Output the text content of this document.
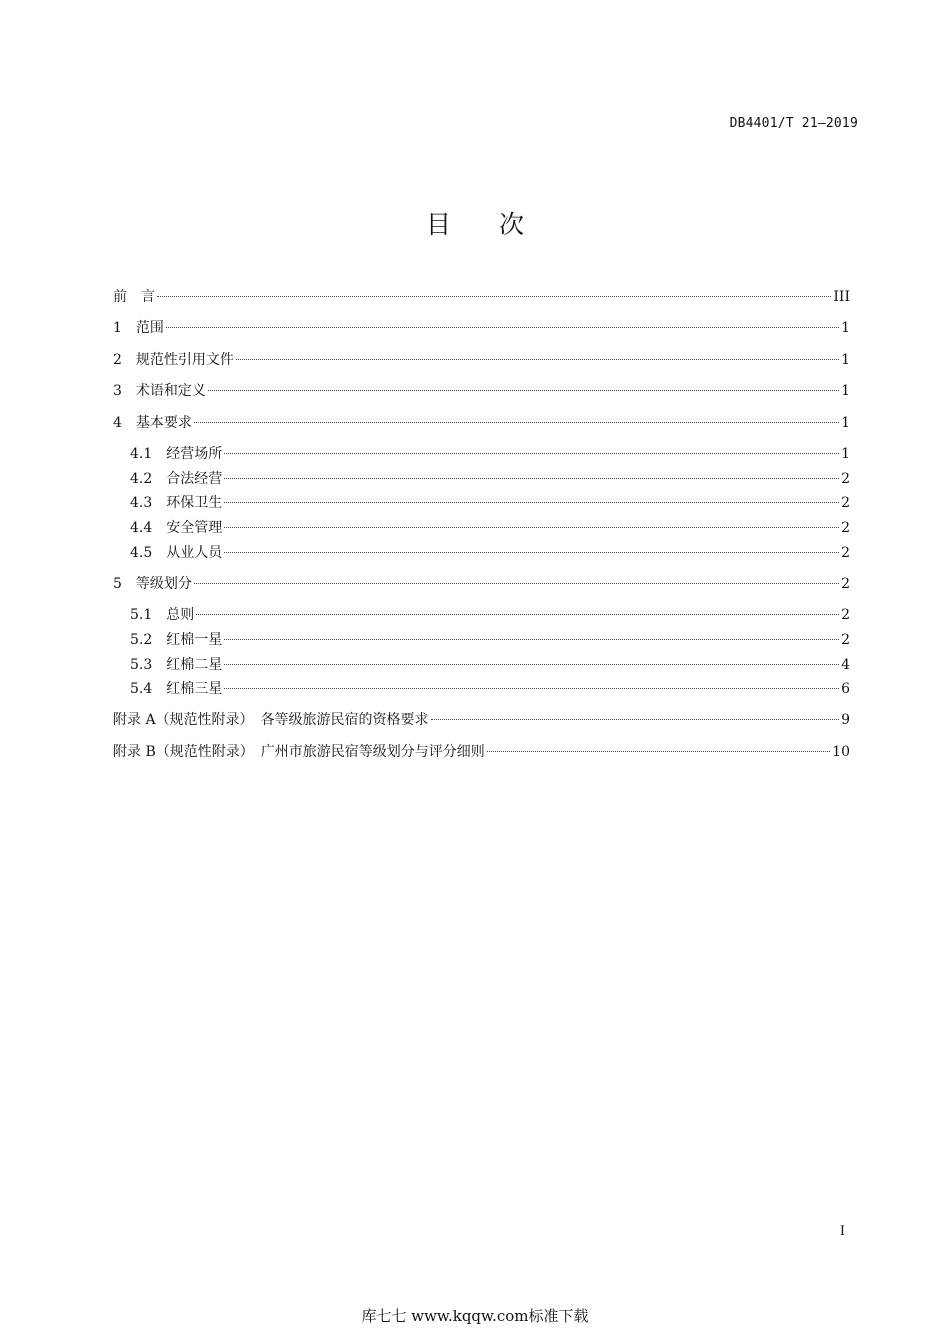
DB4401/T 21—2019
目 次
前　 言	III
1　 范围	1
2　 规范性引用文件	1
3　 术语和定义	1
4　 基本要求	1
4.1　 经营场所	1
4.2　 合法经营	2
4.3　 环保卫生	2
4.4　 安全管理	2
4.5　 从业人员	2
5　 等级划分	2
5.1　 总则	2
5.2　 红棉一星	2
5.3　 红棉二星	4
5.4　 红棉三星	6
附录 A（规范性附录）　 各等级旅游民宿的资格要求	9
附录 B（规范性附录）　 广州市旅游民宿等级划分与评分细则	10
I
库七七 www.kqqw.com标准下载
